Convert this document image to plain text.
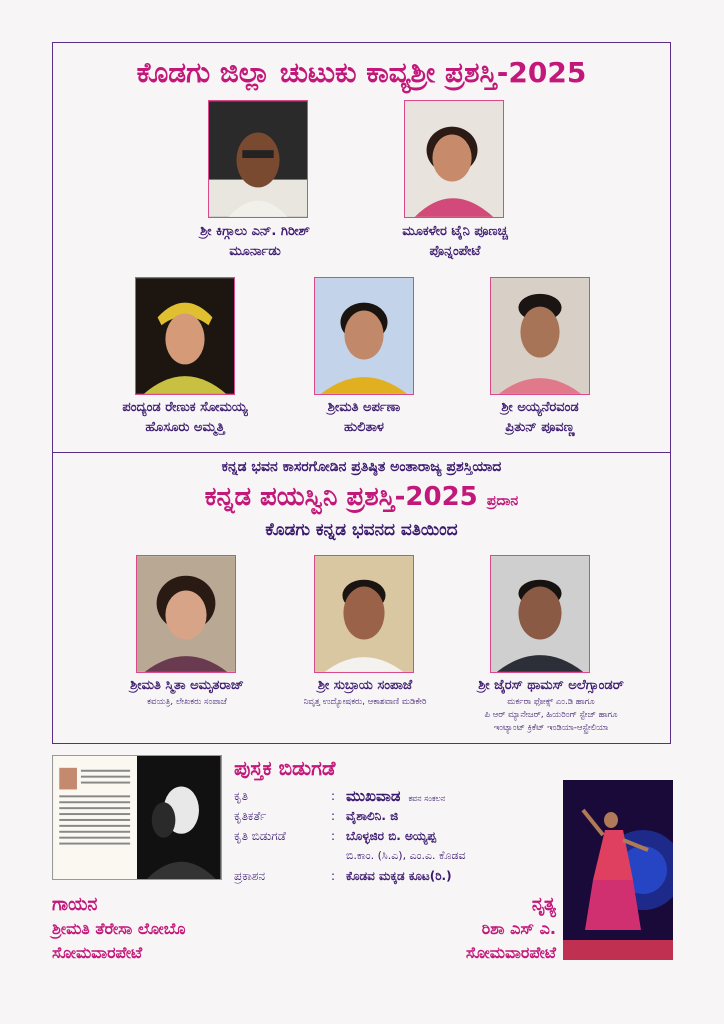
ಕೊಡಗು ಜಿಲ್ಲಾ ಚುಟುಕು ಕಾವ್ಯಶ್ರೀ ಪ್ರಶಸ್ತಿ-2025
ಶ್ರೀ ಕಿಗ್ಗಾಲು ಎನ್. ಗಿರೀಶ್
ಮೂರ್ನಾಡು
ಮೂಕಳೇರ ಟೈನಿ ಪೂಣಚ್ಚ
ಪೊನ್ನಂಪೇಟೆ
ಪಂದ್ಯಂಡ ರೇಣುಕ ಸೋಮಯ್ಯ
ಹೊಸೂರು ಅಮ್ಮತ್ತಿ
ಶ್ರೀಮತಿ ಅರ್ಪಣಾ
ಹುಲಿತಾಳ
ಶ್ರೀ ಅಯ್ಯನೆರವಂಡ
ಪ್ರಿತುನ್ ಪೂವಣ್ಣ
ಕನ್ನಡ ಭವನ ಕಾಸರಗೋಡಿನ ಪ್ರತಿಷ್ಠಿತ ಅಂತಾರಾಜ್ಯ ಪ್ರಶಸ್ತಿಯಾದ
ಕನ್ನಡ ಪಯಸ್ವಿನಿ ಪ್ರಶಸ್ತಿ-2025 ಪ್ರದಾನ
ಕೊಡಗು ಕನ್ನಡ ಭವನದ ವತಿಯಿಂದ
ಶ್ರೀಮತಿ ಸ್ಮಿತಾ ಅಮೃತರಾಜ್
ಕವಯತ್ರಿ, ಲೇಖಕರು ಸಂಪಾಜೆ
ಶ್ರೀ ಸುಬ್ರಾಯ ಸಂಪಾಜೆ
ನಿವೃತ್ತ ಉದ್ಯೋಷಕರು, ಆಕಾಶವಾಣಿ ಮಡಿಕೇರಿ
ಶ್ರೀ ಜೈರಸ್ ಥಾಮಸ್ ಅಲೆಗ್ಸಾಂಡರ್
ಮರ್ಕರಾ ಫೋಕ್ಸ್ ಎಂ.ಡಿ ಹಾಗೂ
ಪಿ ಆರ್ ಮ್ಯಾನೇಜರ್, ಹಿಯರಿಂಗ್ ಸ್ಟೇಜ್ ಹಾಗೂ
ಇಂಟ್ಯಾಂಟ್ ಕ್ರಿಕೆಟ್ ಇಂಡಿಯಾ-ಆಸ್ಟ್ರೇಲಿಯಾ
ಪುಸ್ತಕ ಬಿಡುಗಡೆ
ಕೃತಿ	: ಮುಖವಾಡ ಕವನ ಸಂಕಲನ
ಕೃತಿಕರ್ತೆ	: ವೈಶಾಲಿನಿ. ಜಿ
ಕೃತಿ ಬಿಡುಗಡೆ	: ಬೊಳ್ಳಜಿರ ಬಿ. ಅಯ್ಯಪ್ಪ
ಬಿ.ಕಾಂ. (ಸಿ.ಎ), ಎಂ.ಎ. ಕೊಡವ
ಪ್ರಕಾಶನ	: ಕೊಡವ ಮಕ್ಕಡ ಕೂಟ(ರಿ.)
ಗಾಯನ
ಶ್ರೀಮತಿ ತೆರೇಸಾ ಲೋಬೊ
ಸೋಮವಾರಪೇಟೆ
ನೃತ್ಯ
ರಿಶಾ ಎಸ್ ಎ.
ಸೋಮವಾರಪೇಟೆ
